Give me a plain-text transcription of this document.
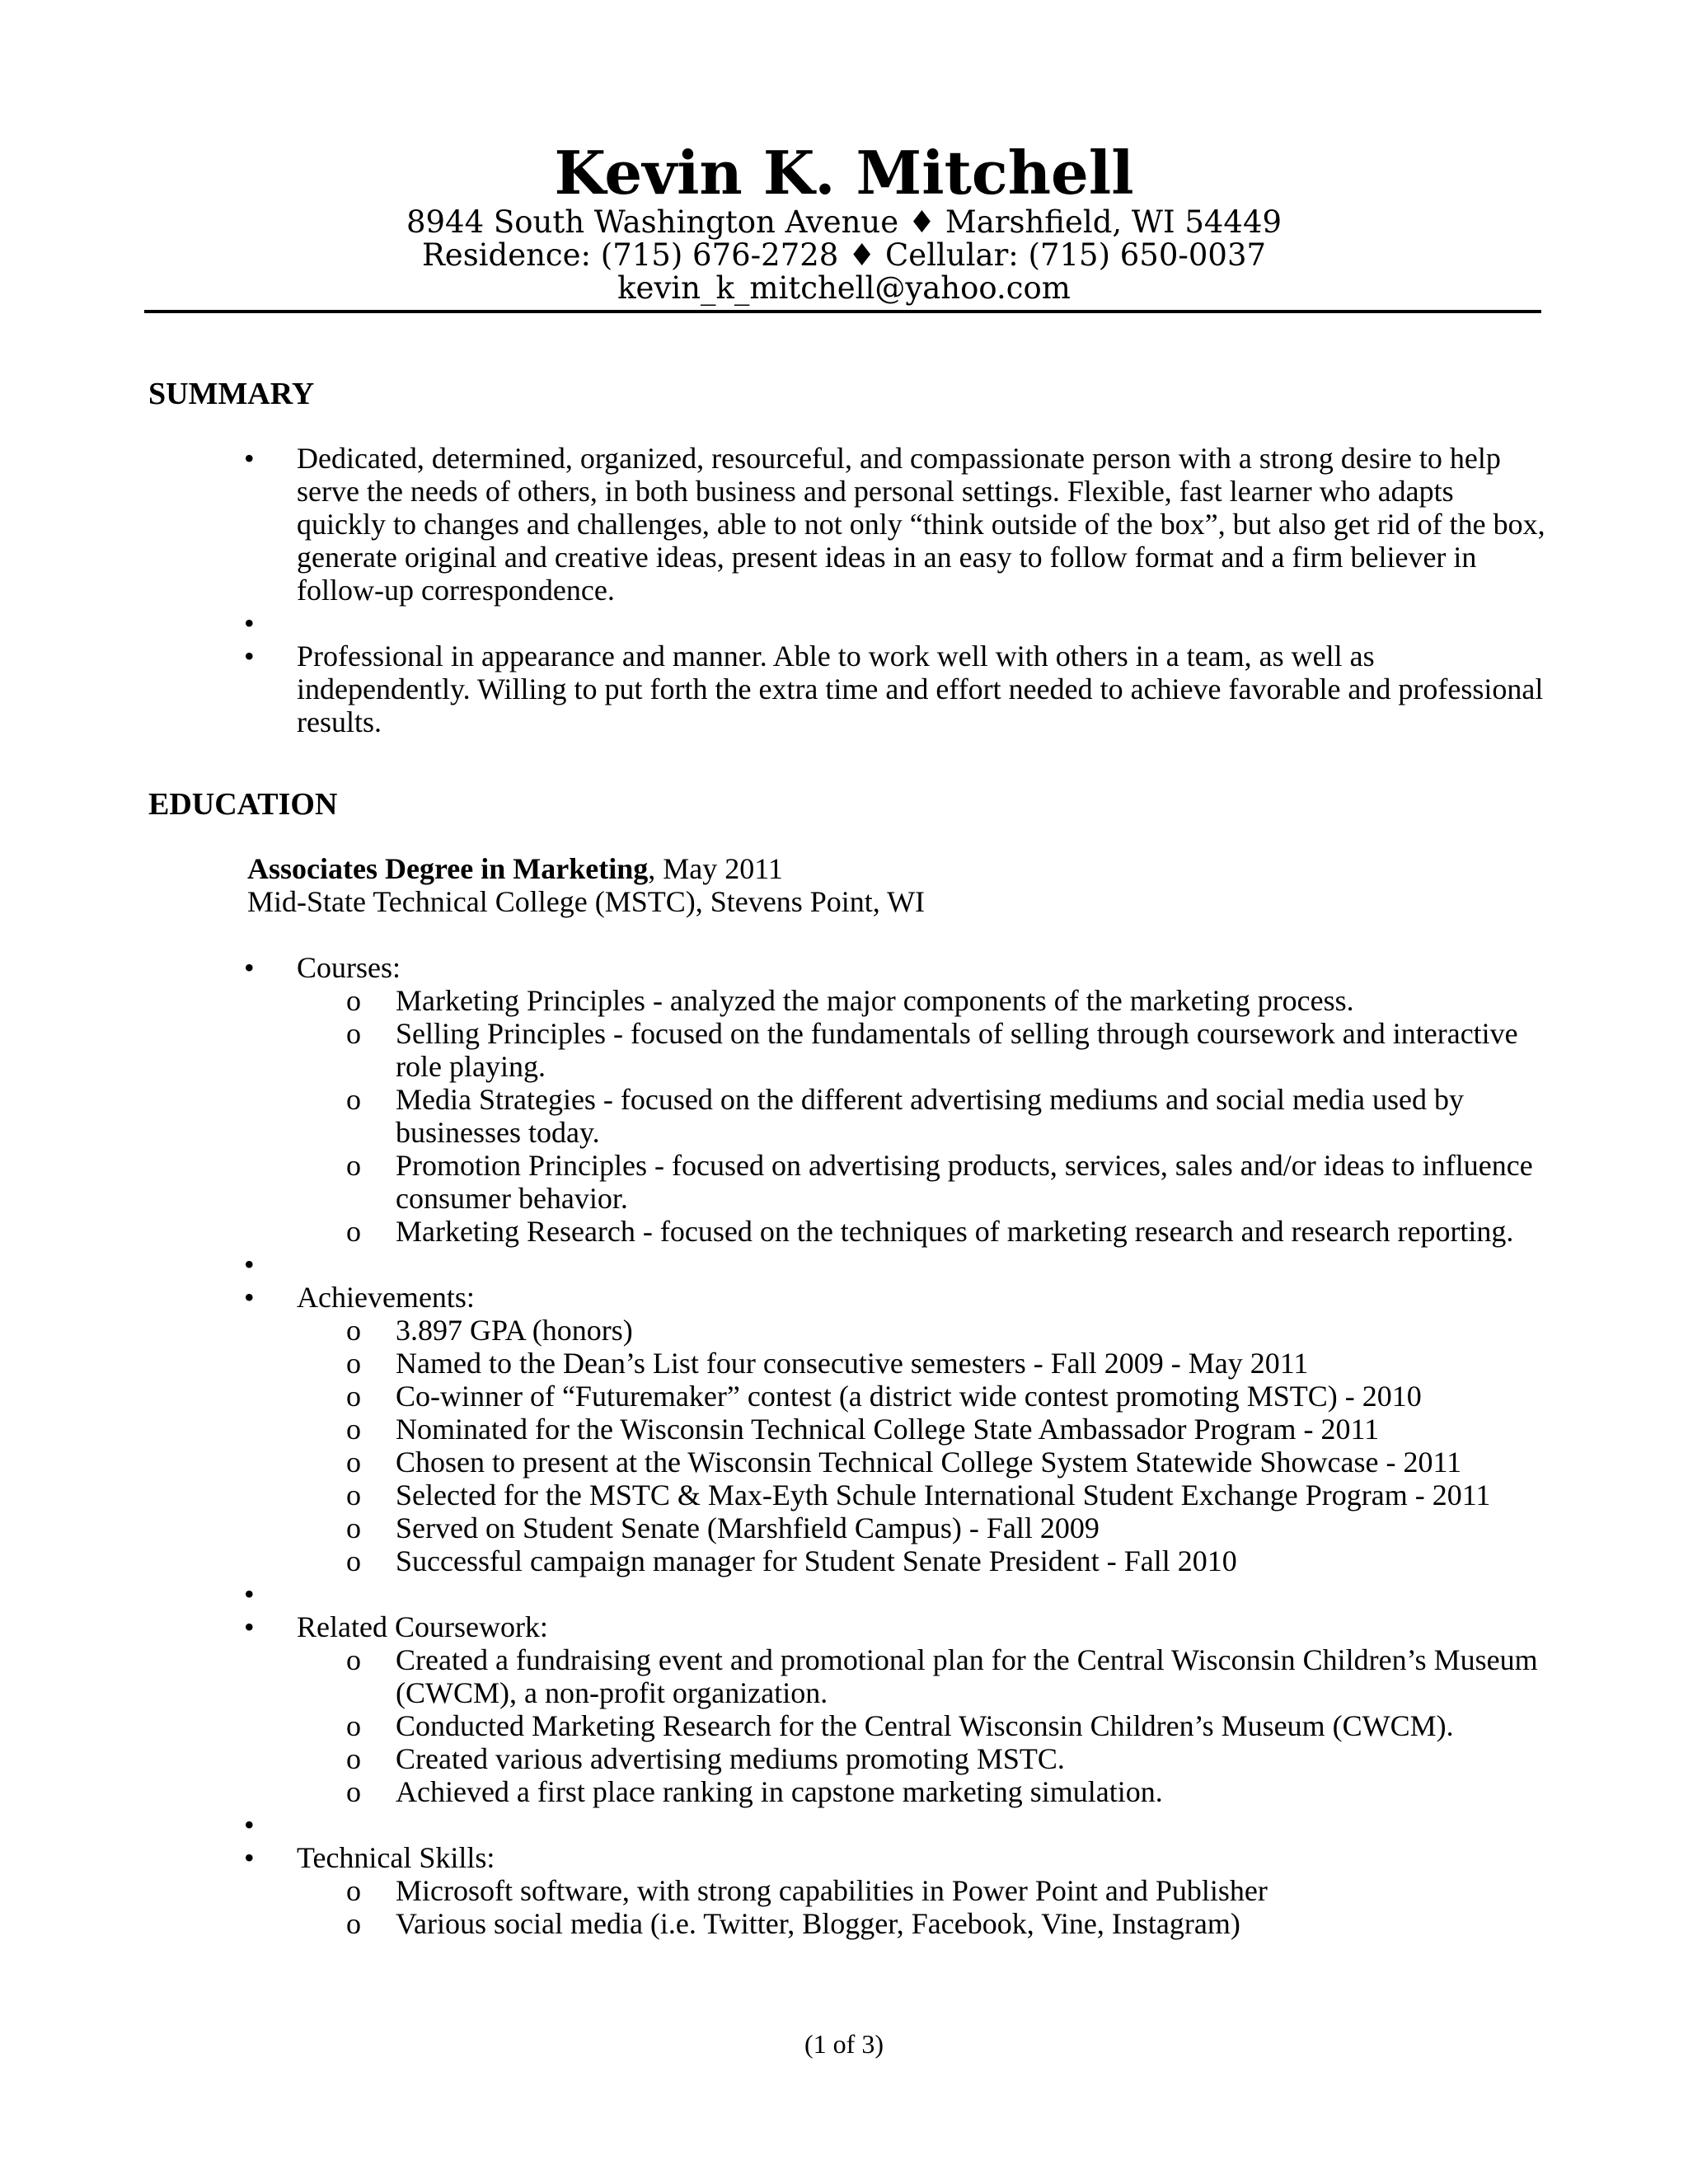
Kevin K. Mitchell
8944 South Washington Avenue ♦ Marshfield, WI 54449
Residence: (715) 676-2728 ♦ Cellular: (715) 650-0037
kevin_k_mitchell@yahoo.com
SUMMARY
• Dedicated, determined, organized, resourceful, and compassionate person with a strong desire to help serve the needs of others, in both business and personal settings. Flexible, fast learner who adapts quickly to changes and challenges, able to not only “think outside of the box”, but also get rid of the box, generate original and creative ideas, present ideas in an easy to follow format and a firm believer in follow-up correspondence.
•
• Professional in appearance and manner. Able to work well with others in a team, as well as independently. Willing to put forth the extra time and effort needed to achieve favorable and professional results.
EDUCATION
Associates Degree in Marketing, May 2011
Mid-State Technical College (MSTC), Stevens Point, WI
• Courses:
o Marketing Principles - analyzed the major components of the marketing process.
o Selling Principles - focused on the fundamentals of selling through coursework and interactive role playing.
o Media Strategies - focused on the different advertising mediums and social media used by businesses today.
o Promotion Principles - focused on advertising products, services, sales and/or ideas to influence consumer behavior.
o Marketing Research - focused on the techniques of marketing research and research reporting.
•
• Achievements:
o 3.897 GPA (honors)
o Named to the Dean’s List four consecutive semesters - Fall 2009 - May 2011
o Co-winner of “Futuremaker” contest (a district wide contest promoting MSTC) - 2010
o Nominated for the Wisconsin Technical College State Ambassador Program - 2011
o Chosen to present at the Wisconsin Technical College System Statewide Showcase - 2011
o Selected for the MSTC & Max-Eyth Schule International Student Exchange Program - 2011
o Served on Student Senate (Marshfield Campus) - Fall 2009
o Successful campaign manager for Student Senate President - Fall 2010
•
• Related Coursework:
o Created a fundraising event and promotional plan for the Central Wisconsin Children’s Museum (CWCM), a non-profit organization.
o Conducted Marketing Research for the Central Wisconsin Children’s Museum (CWCM).
o Created various advertising mediums promoting MSTC.
o Achieved a first place ranking in capstone marketing simulation.
•
• Technical Skills:
o Microsoft software, with strong capabilities in Power Point and Publisher
o Various social media (i.e. Twitter, Blogger, Facebook, Vine, Instagram)
(1 of 3)
